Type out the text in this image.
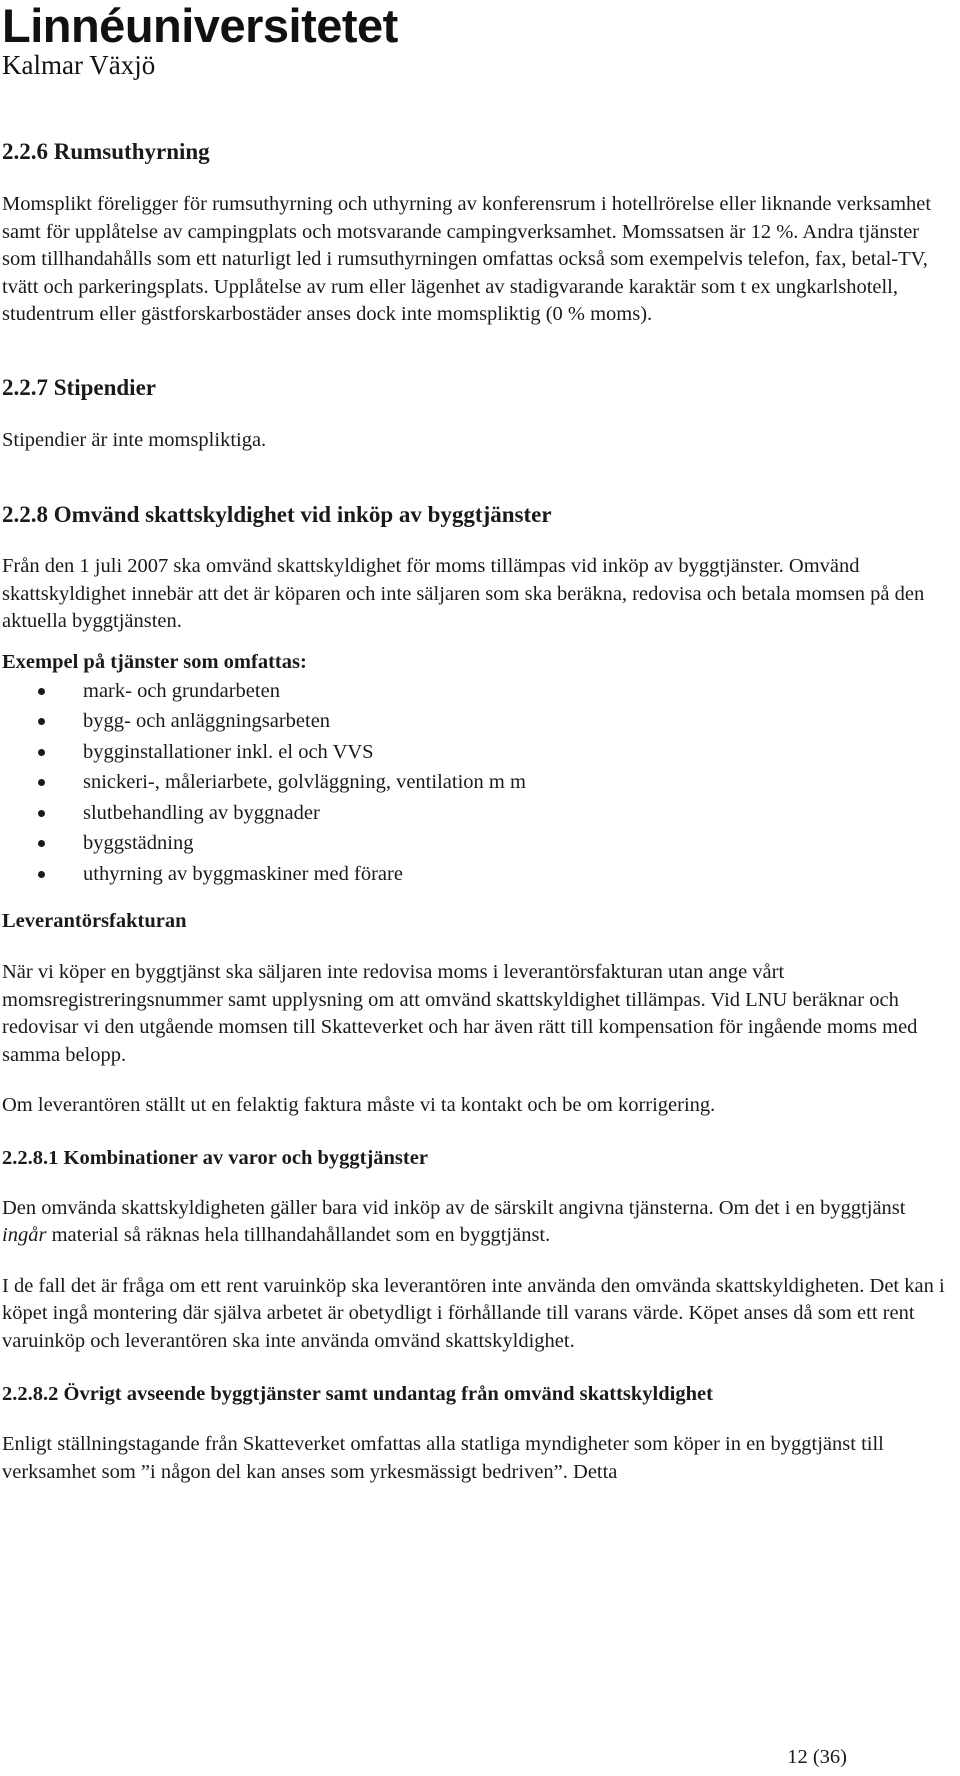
Linnéuniversitetet
Kalmar Växjö
2.2.6 Rumsuthyrning

Momsplikt föreligger för rumsuthyrning och uthyrning av konferensrum i hotellrörelse eller liknande verksamhet samt för upplåtelse av campingplats och motsvarande campingverksamhet. Momssatsen är 12 %. Andra tjänster som tillhandahålls som ett naturligt led i rumsuthyrningen omfattas också som exempelvis telefon, fax, betal-TV, tvätt och parkeringsplats. Upplåtelse av rum eller lägenhet av stadigvarande karaktär som t ex ungkarlshotell, studentrum eller gästforskarbostäder anses dock inte momspliktig (0 % moms).

2.2.7 Stipendier

Stipendier är inte momspliktiga.

2.2.8 Omvänd skattskyldighet vid inköp av byggtjänster

Från den 1 juli 2007 ska omvänd skattskyldighet för moms tillämpas vid inköp av byggtjänster. Omvänd skattskyldighet innebär att det är köparen och inte säljaren som ska beräkna, redovisa och betala momsen på den aktuella byggtjänsten.

Exempel på tjänster som omfattas:
mark- och grundarbeten
bygg- och anläggningsarbeten
bygginstallationer inkl. el och VVS
snickeri-, måleriarbete, golvläggning, ventilation m m
slutbehandling av byggnader
byggstädning
uthyrning av byggmaskiner med förare
Leverantörsfakturan

När vi köper en byggtjänst ska säljaren inte redovisa moms i leverantörsfakturan utan ange vårt momsregistreringsnummer samt upplysning om att omvänd skattskyldighet tillämpas. Vid LNU beräknar och redovisar vi den utgående momsen till Skatteverket och har även rätt till kompensation för ingående moms med samma belopp.

Om leverantören ställt ut en felaktig faktura måste vi ta kontakt och be om korrigering.

2.2.8.1 Kombinationer av varor och byggtjänster

Den omvända skattskyldigheten gäller bara vid inköp av de särskilt angivna tjänsterna. Om det i en byggtjänst ingår material så räknas hela tillhandahållandet som en byggtjänst.

I de fall det är fråga om ett rent varuinköp ska leverantören inte använda den omvända skattskyldigheten. Det kan i köpet ingå montering där själva arbetet är obetydligt i förhållande till varans värde. Köpet anses då som ett rent varuinköp och leverantören ska inte använda omvänd skattskyldighet.

2.2.8.2 Övrigt avseende byggtjänster samt undantag från omvänd skattskyldighet

Enligt ställningstagande från Skatteverket omfattas alla statliga myndigheter som köper in en byggtjänst till verksamhet som ”i någon del kan anses som yrkesmässigt bedriven”. Detta

12 (36)
